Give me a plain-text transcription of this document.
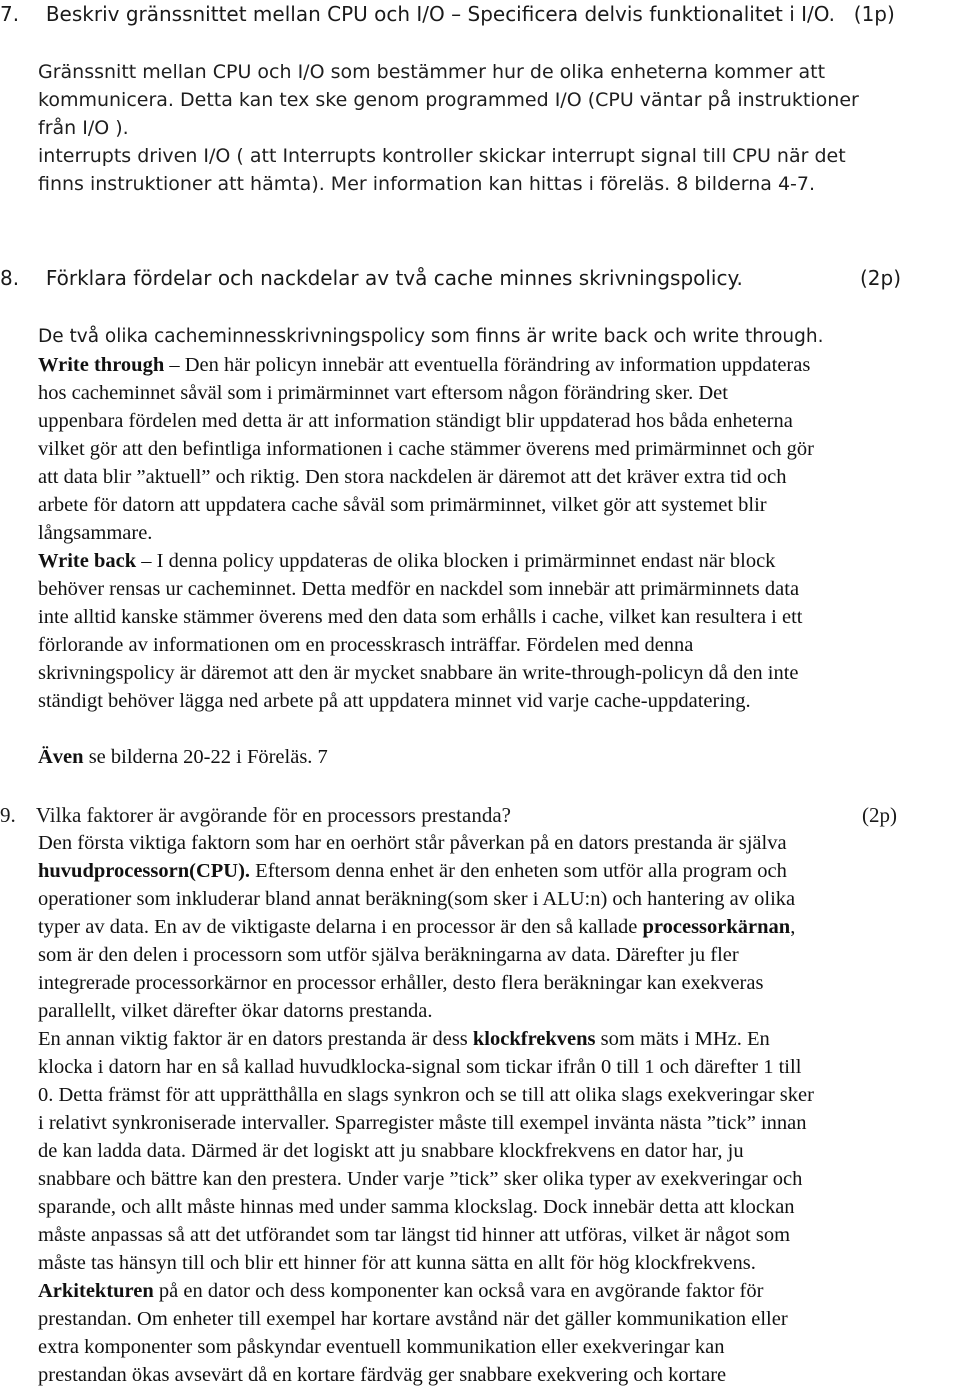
7. Beskriv gränssnittet mellan CPU och I/O – Specificera delvis funktionalitet i I/O. (1p)
Gränssnitt mellan CPU och I/O som bestämmer hur de olika enheterna kommer att
kommunicera. Detta kan tex ske genom programmed I/O (CPU väntar på instruktioner
från I/O ).
interrupts driven I/O ( att Interrupts kontroller skickar interrupt signal till CPU när det
finns instruktioner att hämta). Mer information kan hittas i föreläs. 8 bilderna 4-7.
8. Förklara fördelar och nackdelar av två cache minnes skrivningspolicy.	(2p)
De två olika cacheminnesskrivningspolicy som finns är write back och write through.
Write through – Den här policyn innebär att eventuella förändring av information uppdateras
hos cacheminnet såväl som i primärminnet vart eftersom någon förändring sker. Det
uppenbara fördelen med detta är att information ständigt blir uppdaterad hos båda enheterna
vilket gör att den befintliga informationen i cache stämmer överens med primärminnet och gör
att data blir ”aktuell” och riktig. Den stora nackdelen är däremot att det kräver extra tid och
arbete för datorn att uppdatera cache såväl som primärminnet, vilket gör att systemet blir
långsammare.
Write back – I denna policy uppdateras de olika blocken i primärminnet endast när block
behöver rensas ur cacheminnet. Detta medför en nackdel som innebär att primärminnets data
inte alltid kanske stämmer överens med den data som erhålls i cache, vilket kan resultera i ett
förlorande av informationen om en processkrasch inträffar. Fördelen med denna
skrivningspolicy är däremot att den är mycket snabbare än write-through-policyn då den inte
ständigt behöver lägga ned arbete på att uppdatera minnet vid varje cache-uppdatering.
Även se bilderna 20-22 i Föreläs. 7
9. Vilka faktorer är avgörande för en processors prestanda?	(2p)
Den första viktiga faktorn som har en oerhört står påverkan på en dators prestanda är själva
huvudprocessorn(CPU). Eftersom denna enhet är den enheten som utför alla program och
operationer som inkluderar bland annat beräkning(som sker i ALU:n) och hantering av olika
typer av data. En av de viktigaste delarna i en processor är den så kallade processorkärnan,
som är den delen i processorn som utför själva beräkningarna av data. Därefter ju fler
integrerade processorkärnor en processor erhåller, desto flera beräkningar kan exekveras
parallellt, vilket därefter ökar datorns prestanda.
En annan viktig faktor är en dators prestanda är dess klockfrekvens som mäts i MHz. En
klocka i datorn har en så kallad huvudklocka-signal som tickar ifrån 0 till 1 och därefter 1 till
0. Detta främst för att upprätthålla en slags synkron och se till att olika slags exekveringar sker
i relativt synkroniserade intervaller. Sparregister måste till exempel invänta nästa ”tick” innan
de kan ladda data. Därmed är det logiskt att ju snabbare klockfrekvens en dator har, ju
snabbare och bättre kan den prestera. Under varje ”tick” sker olika typer av exekveringar och
sparande, och allt måste hinnas med under samma klockslag. Dock innebär detta att klockan
måste anpassas så att det utförandet som tar längst tid hinner att utföras, vilket är något som
måste tas hänsyn till och blir ett hinner för att kunna sätta en allt för hög klockfrekvens.
Arkitekturen på en dator och dess komponenter kan också vara en avgörande faktor för
prestandan. Om enheter till exempel har kortare avstånd när det gäller kommunikation eller
extra komponenter som påskyndar eventuell kommunikation eller exekveringar kan
prestandan ökas avsevärt då en kortare färdväg ger snabbare exekvering och kortare
